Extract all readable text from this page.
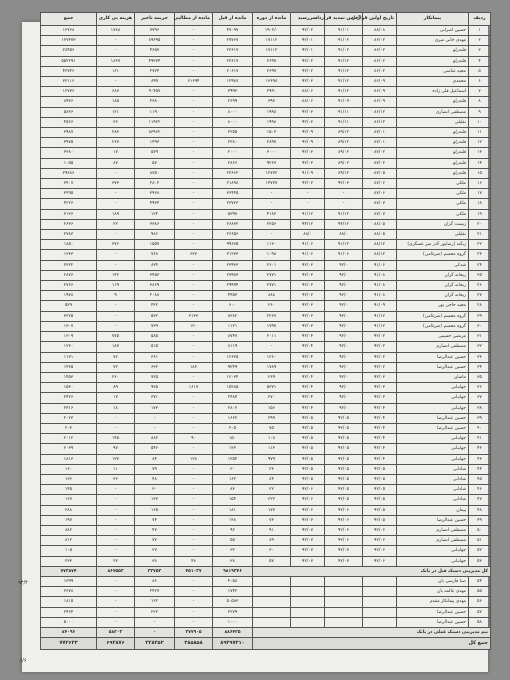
۹۳/۴
۶/۶
ردیف	پیمانکار	تاریخ اولین قرارداد	آخرین تمدید قرارداد	سررسید	مانده از دوره	مانده از قبل	مانده از مطالبی	جریمه تاخیر	هزینه بی کاری	جمع	
۱	حسین اصراتی	۸۸/۰۸	۹۱/۰۱	۹۲/۰۲	۱۹۰۲/۰	۴۷۰۹۷	-	۷۷۹۶	۱۷۸۸	۱۲۷۶۸	
۲	مهدی خانی میری	۸۶/۰۲	۹۱/۰۲	۹۲/۰۱	۱۷۱۱۲	۲۷۷۶۷	-	۸۹۶۹۵	-	۱۲۷۳۷۳	
۳	قلندرلو	۸۶/۰۲	۹۱/۰۲	۹۲/۰۱	۱۷۱۱۲	۲۳۶۱۷	-	۴۶۵۷	-	۲۸۴۵۶	
۴	قلندرلو	۸۶/۰۲	۹۱/۱۲	۹۲/۰۲	۲۶۹۷	۲۳۶۱۷	-	۴۹۳۷۴	۱۸۲۷	۵۵۲۲۹۱	
۵	مجید عباسی	۸۶/۰۲	۹۱/۱۲	۹۲/۰۲	۲۶۹۷	۲۰۶۱۷	-	۲۷۳۴	۱۶۱	۴۲۷۴۶	
۶	محمدی	۸۶/۰۹	۹۱/۱۲	۹۲/۰۳	۱۳۶۹۸	۱۲۹۸۷	۶۱۶۹۴	۸۹۹	-	۳۲۱۱۶	
۷	اسماعیل قلی زاده	۸۶/۰۹	۹۱/۱۲	۸۸/۰۶	۲۹۹۰	۳۹۹۳	-	۹۰۴۵۷	۶۸۷	۱۲۷۷۶	
۸	قلندرلو	۸۶/۰۹	۹۱/۰۹	۸۸/۰۶	۳۹۷	۲۶۹۹	-	۲۳۸۰	۱۸۵	۸۹۳۶	
۹	مصطفی انصاری	۸۶/۱۲	۹۱/۱۱	۹۲/۰۳	۱۹۹۸	۸۰۰۰	-	۱۱۹۰	۱۲۱	۵۸۳۶	
۱۰	تقلیلی	۸۶/۱۲	۹۱/۱۱	۹۲/۰۳	۱۹۹۸	۸۰۰۰	-	۱۱۹۲۲	۳۶	۴۵۶۶	
۱۱	قلندرلو	۸۷/۰۱	۸۹/۱۲	۹۲/۰۹	۱۵۰۳	۲۲۵۵	-	۸۳۹۶۲	۲۸۳	۳۹۸۷	
۱۲	قلندرلو	۸۷/۰۱	۸۹/۱۲	۹۲/۰۹	۲۸۹۷	۲۲۸۰	-	۱۴۹۳	۲۶۷	۳۹۷۵	
۱۳	قلندرلو	۸۷/۰۲	۸۹/۰۲	۹۲/۰۳	۳۰۰۰	۲۰۰۰	-	۵۷۹	۱۷	۳۳۸۰	
۱۴	قلندرلو	۸۷/۰۲	۸۹/۰۲	۹۲/۰۳	۹۲۶۷	۲۸۶۶	-	۵۷	۸۷	۱۰۵۵	
۱۵	قلندرلو	۸۷/۰۵	۸۹/۱۲	۹۱/۰۹	۱۲۷۷۲	۲۳۶۶۲	-	۸۷۵۰	-	۲۹۶۸۶	
۱۶	ملکی	۸۷/۰۶	۹۲/۰۳	۹۲/۰۳	۱۴۷۷۷	۲۱۸۹۸	-	۲۸۰۲	۳۷۳	۳۴۰۷	
۱۷	ملکی	۸۷/۰۶	-	-	-	۳۶۴۴۵	-	۳۹۶۸	-	۳۲۹۵	
۱۸	ملکی	۸۷/۰۷	-	-	-	۲۳۷۲۳	-	۴۹۳۴	-	۴۲۲۶	
۱۹	ملکی	۸۷/۰۷	۹۱/۱۲	۹۱/۱۲	۴۱۸۲	۵۳۹۷	-	۱۲۴	۱۸۹	۳۱۳۶	
۲۰	زیست گران	۸۸/۰۵	۹۴/۱۲	۹۴/۱۲	۲۲۵۶	۲۶۸۳۲	-	۳۳۸۶	۲۲	۲۶۳۶	
۲۱	نقلیلی	۸۸/۰۵	۸۸/۰	۸۸/۰	-	۲۶۶۵۶	-	۹۸۶	-	۲۷۸۳	
۲۲	زنگنه (رضاپور گذر میر عسگری)	۸۸/۱۲	۹۱/۱۲	۹۱/۰۶	۱۱۳۰	۹۹۶۷۵	-	۱۵۵۷	۳۷۶	۱۸۵۰	
۲۳	گروه مجسم (ضرغامی)	۸۸/۱۲	۹۱/۰۶	۹۱/۰۶	۱۰۹۸	۲۱۲۷۳	۶۳۷	۷۶۸	-	۱۳۳۳	
۲۴	شدکی	۹۱/۰۶	۹۲/۰	۹۲/۰۳	۲۶۰۱	۲۳۹۳۳	-	۸۳۴	-	۲۳۲۲	
۲۵	ریحانه گران	۹۱/۰۸	۹۲/۰	۹۲/۰۳	۲۷۷۱	۲۷۹۷۳	-	۳۴۵۳	۱۴۲	۲۸۷۶	
۲۶	ریحانه گران	۹۱/۰۸	۹۲/۰	۹۲/۰۳	۲۷۷۱	۲۹۹۹۴	-	۳۸۶۹	۱۱۹	۲۷۶۶	
۲۷	ریحانه گران	۹۱/۰۸	۹۲/۰	۹۲/۰۳	۸۸۸	۴۴۵۳	-	۲۰۸۸	۹	۱۹۷۸	
۲۸	مجید حاجی پور	۹۱/۰۹	۹۲/۰	۹۲/۰۳	۲۶۰	۶۰۰	-	۴۲۲	-	۵۲۹	
۲۹	گروه مجسم (ضرغامی)	۹۱/۱۲	۹۲/۰	۹۲/۰۳	۲۲۶۷	۸۲۸۲	۳۱۳۳	۵۳۲	-	۳۲۲۵	
۳۰	گروه مجسم (ضرغامی)	۹۱/۱۲	۹۲/۰	۹۲/۰۳	۱۷۹۷	۱۱۲۱	۱۲۰	۷۳۹	-	۱۳۰۷	
۳۱	مرتضی حسینی	۹۲/۰۲	۹۲/۰	۹۲/۰۴	۲۰۱۱	۸۷۴۷	-	۵۸۵	۷۷۵	۱۳۰۹	
۳۲	مصطفی انصاری	۹۲/۰۲	۹۲/۰	۹۲/۰۴	-	۸۱۱۹	-	۵۱۵	۱۸۷	۱۲۳۰	
۳۳	حسین عبدالرضا	۹۲/۰۲	۹۲/۰	۹۲/۰۴	۱۲۶۰	۱۲۶۳۵	-	۳۶۱	۷۶	۱۱۳۱	
۳۴	حسین عبدالرضا	۹۲/۰۲	۹۲/۰	۹۲/۰۴	۱۷۸۹	۹۲۴۹	۱۸۳	۶۳۲	۷۲	۱۴۳۵	
۳۵	ماشان	۹۲/۰۳	۹۲/۰	۹۲/۰۴	۲۶۹	۱۲۰۳۴	-	۷۲۵	۲۶۰	۱۴۵۳	
۳۶	جهانبانی	۹۲/۰۳	۹۲/۰	۹۲/۰۴	۵۳۷۱	۱۵۲۸۵	۱۶۱۷	۹۳۵	۸۹	۱۵۳۰	
۳۷	جهانبانی	۹۲/۰۳	۹۲/۰	۹۲/۰۴	۲۷۰	۲۴۸۴	-	۳۷۱	۱۷	۲۴۲۶	
۳۸	جهانبانی	۹۲/۰۴	۹۲/۰	۹۲/۰۴	۱۵۶	۲۸۰۲	-	۱۷۳	۱۸	۲۴۱۶	
۳۹	حسین عبدالرضا	۹۲/۰۴	۹۲/۰۵	۹۲/۰۵	۲۹۹	۱۶۶۲	-	-	-	۲۰۲۳	
۴۰	حسین عبدالرضا	۹۲/۰۴	۹۲/۰۵	۹۲/۰۵	۷۵	۲۰۵	-	-	-	۲۰۳	
۴۱	جهانبانی	۹۲/۰۴	۹۲/۰۵	۹۲/۰۵	۱۰۸	۱۵۰	۹۰	۸۸۲	۱۴۵	۲۰۱۲	
۴۲	جهانبانی	۹۲/۰۴	۹۲/۰۵	۹۲/۰۵	۱۱۳	۱۲۳	-	۵۴۶	۹۷	۲۰۳۹	
۴۳	جهانبانی	۹۲/۰۴	۹۲/۰۵	۹۲/۰۵	۹۷۹	۱۲۵۴	۱۲۸	۸۴	۱۳۷	۱۸۱۳	
۴۴	شادابی	۹۲/۰۵	۹۲/۰۵	۹۲/۰۵	۲۳	۲۰	-	۷۹	۱۱	۱۶۰	
۴۵	شادابی	۹۲/۰۵	۹۲/۰۵	۹۲/۰۵	۸۴	۱۶۲	-	۴۸	۳۶	۱۳۶	
۴۶	شادابی	۹۲/۰۵	۹۲/۰۵	۹۲/۰۶	۲۲	۸۳	-	۳۰	-	۱۴۵	
۴۷	شادابی	۹۲/۰۵	۹۲/۰۵	۹۲/۰۶	۲۲۲	۱۵۴	-	۱۳۳	-	۱۶۷	
۴۸	پیمان	۹۲/۰۵	۹۲/۰۶	۹۲/۰۶	۱۷۷	۱۸۱	-	۱۶۵	-	۲۸۸	
۴۹	حسین عبدالرضا	۹۲/۰۵	۹۲/۰۶	۹۲/۰۷	۷۳	۱۲۸	-	۷۴	-	۱۹۷	
۵۰	مصطفی انصاری	۹۲/۰۶	۹۲/۰۶	۹۲/۰۷	۹۱	۹۲	-	۴۷	-	۸۸۲	
۵۱	مصطفی انصاری	۹۲/۰۶	۹۲/۰۶	۹۲/۰۷	۸۹	۵۵	-	۷۷	-	۸۱۲	
۵۲	جهانبانی	۹۲/۰۶	۹۲/۰۷	۹۲/۰۷	۳۰	۳۲	-	۲۷	-	۱۰۵	
۵۳	جهانبانی	۹۲/۰۶	۹۲/۰۷	۹۲/۰۷	۵۷	۳۸	۴۸	۳۸	۲۷	۲۳۳	
کل مدیریتی دستک قبل در بانک						۹۸۱۹۲۴۶	۴۵۱۰۳۷	۳۲۷۵۲	۸۶۷۵۵۲	۷۷۲۸۷۴	
۵۴	صبا فارسی بان					۴۰۵۸	-	۸۶	-	۱۳۹۹	
۵۵	مهدی عالمه بان					۱۷۴۲	-	۲۴۲۷	-	۲۳۷۸	
۵۶	مهدی پیمانکار مقدم					۵۰۵۸۳	-	۱۲۲	-	۱۸۱۵	
۵۷	حسین عبدالرضا					۲۲۷۹	-	۲۲۲	-	۲۴۶۴	
۵۸	حسین عبدالرضا					۱۰۰۰	-	-	-	۵۰۰۰	
تیم مدیریتی دستک عملی در بانک						۸۸۶۴۲۵	۲۷۷۹۰۵	-	۵۸۲۰۳	۸۴۰۹۶	
جمع کل						۸۹۲۹۷۳۱۰	۳۸۵۸۵۸	۲۲۸۲۵۲	۶۹۲۸۷۶	۷۷۲۶۲۳	
